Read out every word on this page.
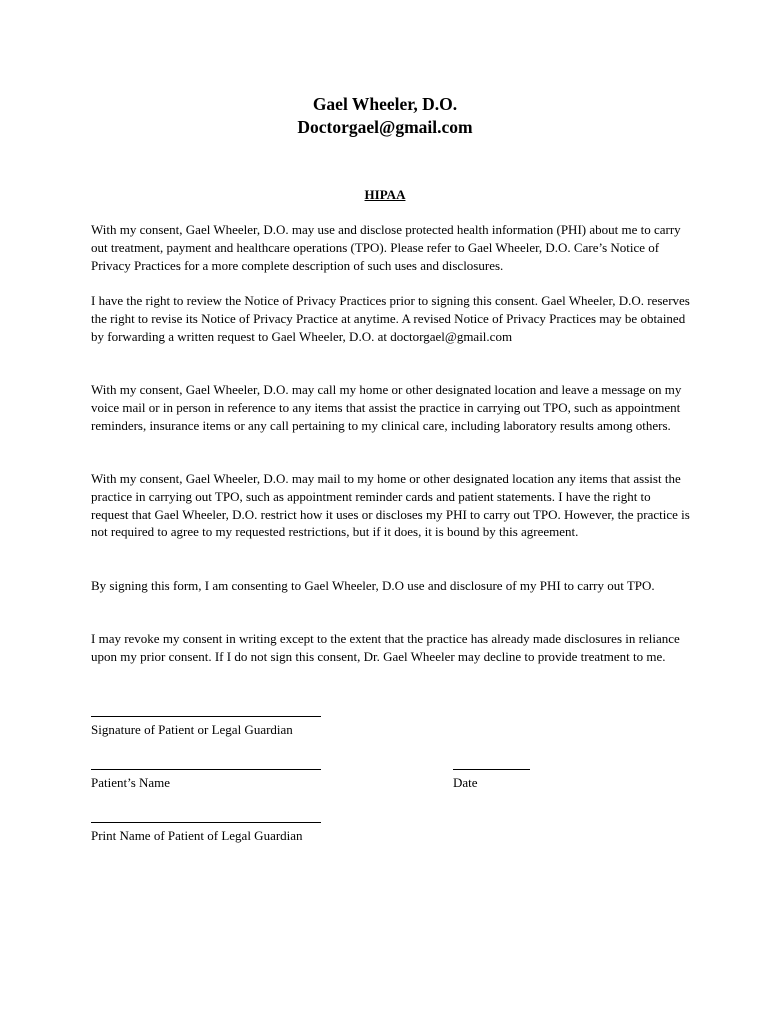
Gael Wheeler, D.O.
Doctorgael@gmail.com
HIPAA

With my consent, Gael Wheeler, D.O. may use and disclose protected health information (PHI) about me to carry out treatment, payment and healthcare operations (TPO). Please refer to Gael Wheeler, D.O. Care’s Notice of Privacy Practices for a more complete description of such uses and disclosures.

I have the right to review the Notice of Privacy Practices prior to signing this consent. Gael Wheeler, D.O. reserves the right to revise its Notice of Privacy Practice at anytime. A revised Notice of Privacy Practices may be obtained by forwarding a written request to Gael Wheeler, D.O. at doctorgael@gmail.com

With my consent, Gael Wheeler, D.O. may call my home or other designated location and leave a message on my voice mail or in person in reference to any items that assist the practice in carrying out TPO, such as appointment reminders, insurance items or any call pertaining to my clinical care, including laboratory results among others.

With my consent, Gael Wheeler, D.O. may mail to my home or other designated location any items that assist the practice in carrying out TPO, such as appointment reminder cards and patient statements. I have the right to request that Gael Wheeler, D.O. restrict how it uses or discloses my PHI to carry out TPO. However, the practice is not required to agree to my requested restrictions, but if it does, it is bound by this agreement.

By signing this form, I am consenting to Gael Wheeler, D.O use and disclosure of my PHI to carry out TPO.

I may revoke my consent in writing except to the extent that the practice has already made disclosures in reliance upon my prior consent. If I do not sign this consent, Dr. Gael Wheeler may decline to provide treatment to me.

Signature of Patient or Legal Guardian
Patient’s Name	Date
Print Name of Patient of Legal Guardian
